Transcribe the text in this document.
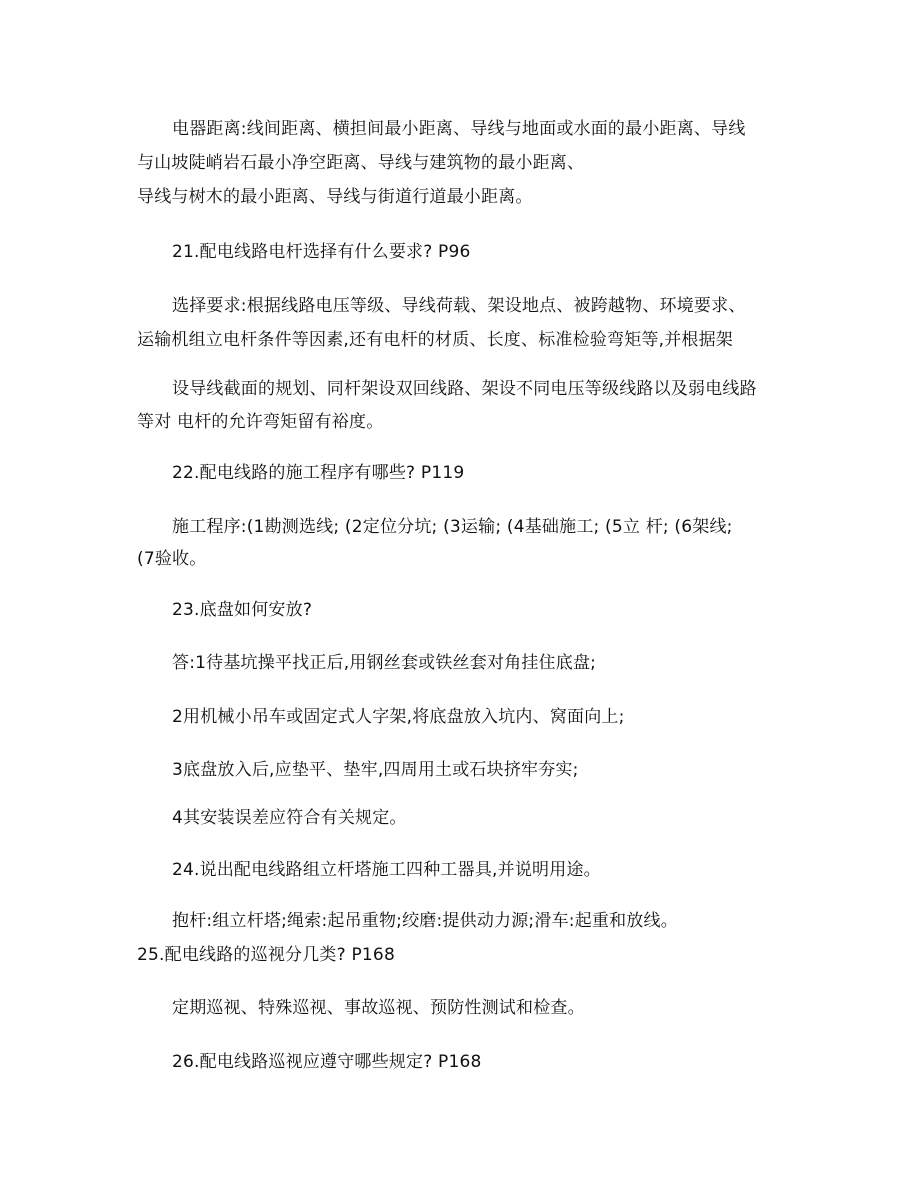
电器距离:线间距离、横担间最小距离、导线与地面或水面的最小距离、导线
与山坡陡峭岩石最小净空距离、导线与建筑物的最小距离、
导线与树木的最小距离、导线与街道行道最小距离。
21.配电线路电杆选择有什么要求? P96
选择要求:根据线路电压等级、导线荷载、架设地点、被跨越物、环境要求、
运输机组立电杆条件等因素,还有电杆的材质、长度、标准检验弯矩等,并根据架
设导线截面的规划、同杆架设双回线路、架设不同电压等级线路以及弱电线路
等对 电杆的允许弯矩留有裕度。
22.配电线路的施工程序有哪些? P119
施工程序:(1勘测选线; (2定位分坑; (3运输; (4基础施工; (5立 杆; (6架线;
(7验收。
23.底盘如何安放?
答:1待基坑操平找正后,用钢丝套或铁丝套对角挂住底盘;
2用机械小吊车或固定式人字架,将底盘放入坑内、窝面向上;
3底盘放入后,应垫平、垫牢,四周用土或石块挤牢夯实;
4其安装误差应符合有关规定。
24.说出配电线路组立杆塔施工四种工器具,并说明用途。
抱杆:组立杆塔;绳索:起吊重物;绞磨:提供动力源;滑车:起重和放线。
25.配电线路的巡视分几类? P168
定期巡视、特殊巡视、事故巡视、预防性测试和检查。
26.配电线路巡视应遵守哪些规定? P168
